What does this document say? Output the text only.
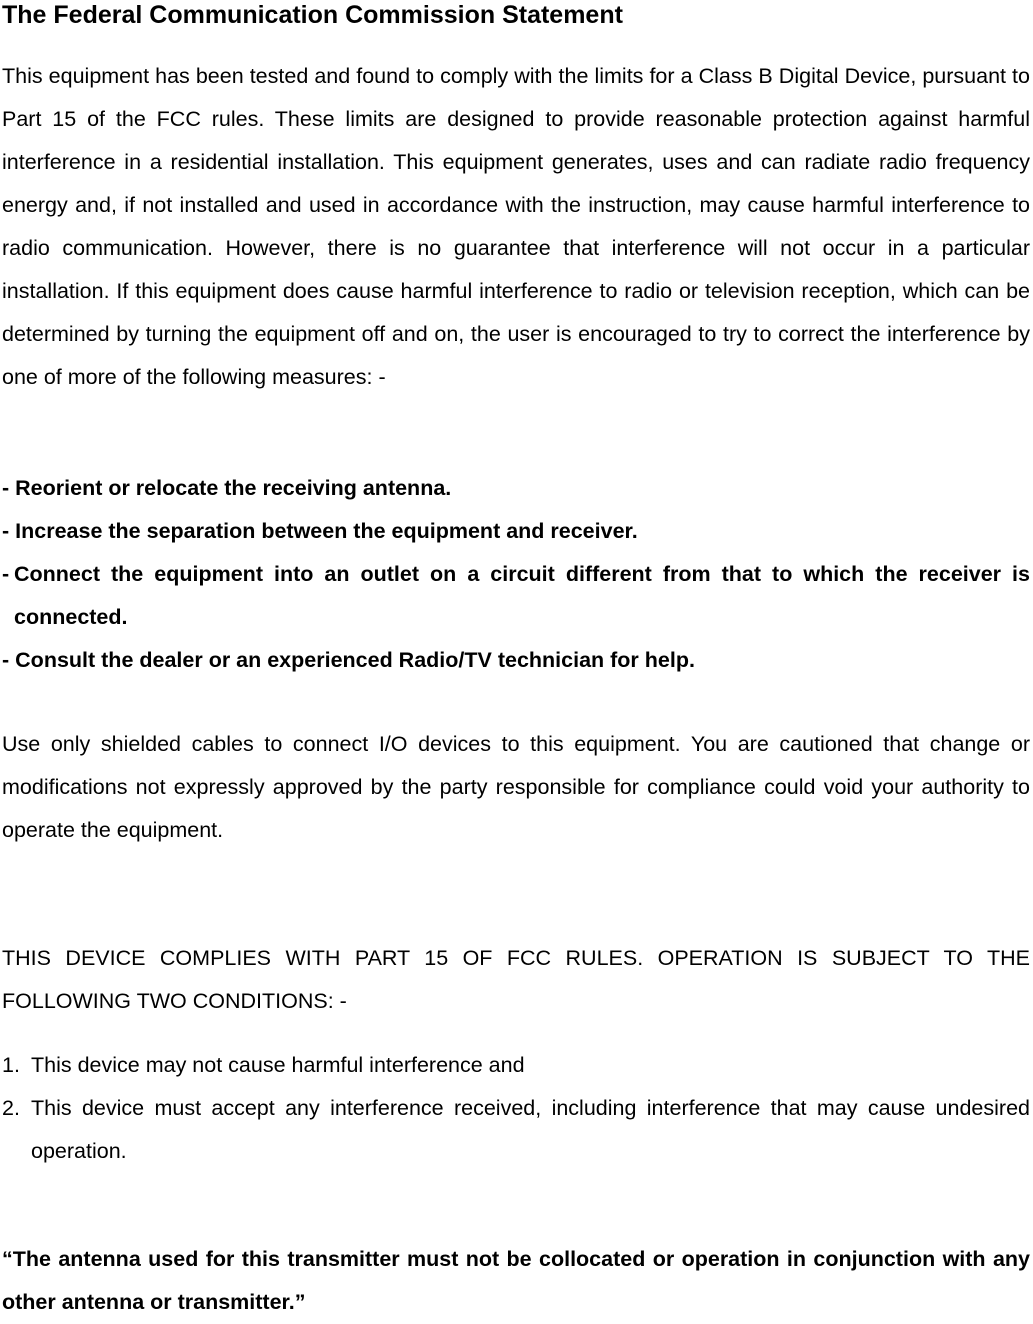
The Federal Communication Commission Statement

This equipment has been tested and found to comply with the limits for a Class B Digital Device, pursuant to Part 15 of the FCC rules. These limits are designed to provide reasonable protection against harmful interference in a residential installation. This equipment generates, uses and can radiate radio frequency energy and, if not installed and used in accordance with the instruction, may cause harmful interference to radio communication. However, there is no guarantee that interference will not occur in a particular installation. If this equipment does cause harmful interference to radio or television reception, which can be determined by turning the equipment off and on, the user is encouraged to try to correct the interference by one of more of the following measures: -

- Reorient or relocate the receiving antenna.
- Increase the separation between the equipment and receiver.
- Connect the equipment into an outlet on a circuit different from that to which the receiver is connected.
- Consult the dealer or an experienced Radio/TV technician for help.

Use only shielded cables to connect I/O devices to this equipment. You are cautioned that change or modifications not expressly approved by the party responsible for compliance could void your authority to operate the equipment.

THIS DEVICE COMPLIES WITH PART 15 OF FCC RULES. OPERATION IS SUBJECT TO THE FOLLOWING TWO CONDITIONS: -

1. This device may not cause harmful interference and
2. This device must accept any interference received, including interference that may cause undesired operation.

“The antenna used for this transmitter must not be collocated or operation in conjunction with any other antenna or transmitter.”
